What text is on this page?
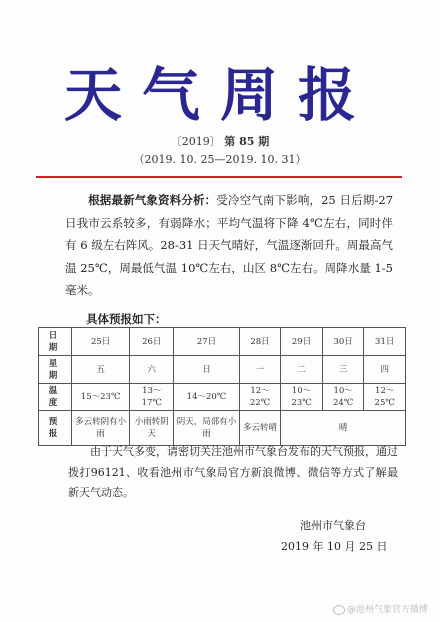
天气周报
〔2019〕 第 85 期
（2019. 10. 25—2019. 10. 31）
根据最新气象资料分析：受冷空气南下影响，25 日后期-27 日我市云系较多，有弱降水；平均气温将下降 4℃左右，同时伴有 6 级左右阵风。28-31 日天气晴好，气温逐渐回升。周最高气温 25℃，周最低气温 10℃左右，山区 8℃左右。周降水量 1-5 毫米。
具体预报如下：
日 期	25日	26日	27日	28日	29日	30日	31日
星 期	五	六	日	一	二	三	四
温 度	15～23℃	13～17℃	14～20℃	12～22℃	10～23℃	10～24℃	12～25℃
预 报	多云转阴有小雨	小雨转阴天	阴天，局部有小雨	多云转晴	晴		
由于天气多变，请密切关注池州市气象台发布的天气预报，通过拨打96121、收看池州市气象局官方新浪微博、微信等方式了解最新天气动态。
池州市气象台
2019 年 10 月 25 日
@池州气象官方微博
